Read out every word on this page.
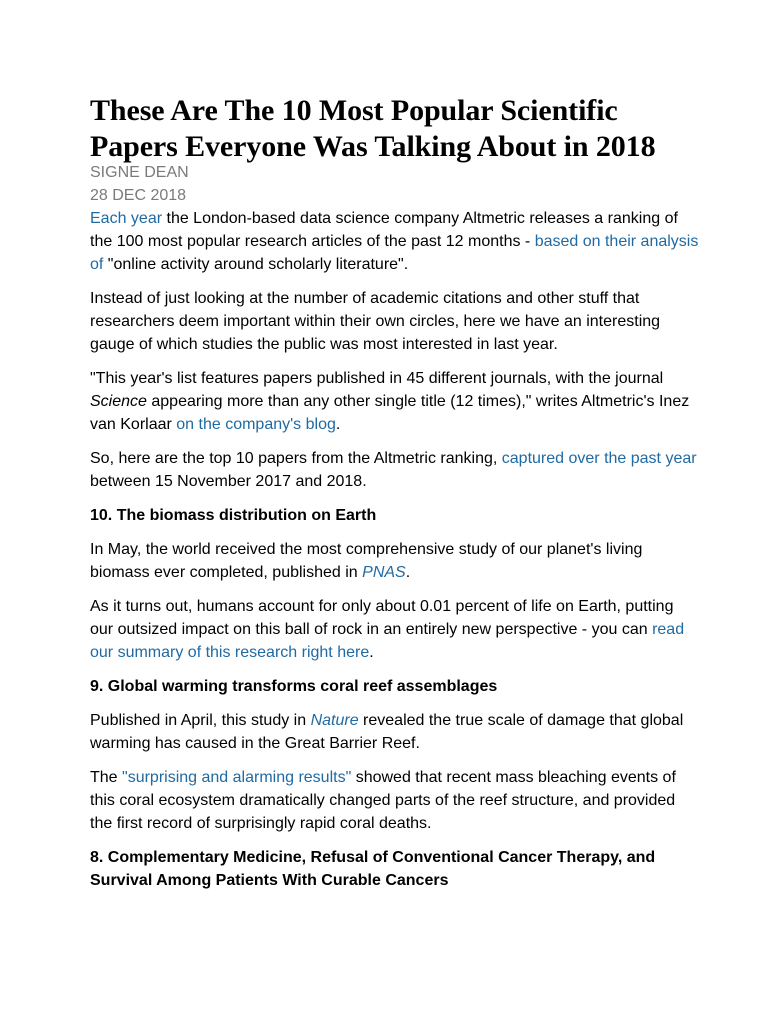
These Are The 10 Most Popular Scientific Papers Everyone Was Talking About in 2018
SIGNE DEAN
28 DEC 2018

Each year the London-based data science company Altmetric releases a ranking of the 100 most popular research articles of the past 12 months - based on their analysis of "online activity around scholarly literature".

Instead of just looking at the number of academic citations and other stuff that researchers deem important within their own circles, here we have an interesting gauge of which studies the public was most interested in last year.

"This year's list features papers published in 45 different journals, with the journal Science appearing more than any other single title (12 times)," writes Altmetric's Inez van Korlaar on the company's blog.

So, here are the top 10 papers from the Altmetric ranking, captured over the past year between 15 November 2017 and 2018.

10. The biomass distribution on Earth

In May, the world received the most comprehensive study of our planet's living biomass ever completed, published in PNAS.

As it turns out, humans account for only about 0.01 percent of life on Earth, putting our outsized impact on this ball of rock in an entirely new perspective - you can read our summary of this research right here.

9. Global warming transforms coral reef assemblages

Published in April, this study in Nature revealed the true scale of damage that global warming has caused in the Great Barrier Reef.

The "surprising and alarming results" showed that recent mass bleaching events of this coral ecosystem dramatically changed parts of the reef structure, and provided the first record of surprisingly rapid coral deaths.

8. Complementary Medicine, Refusal of Conventional Cancer Therapy, and Survival Among Patients With Curable Cancers
